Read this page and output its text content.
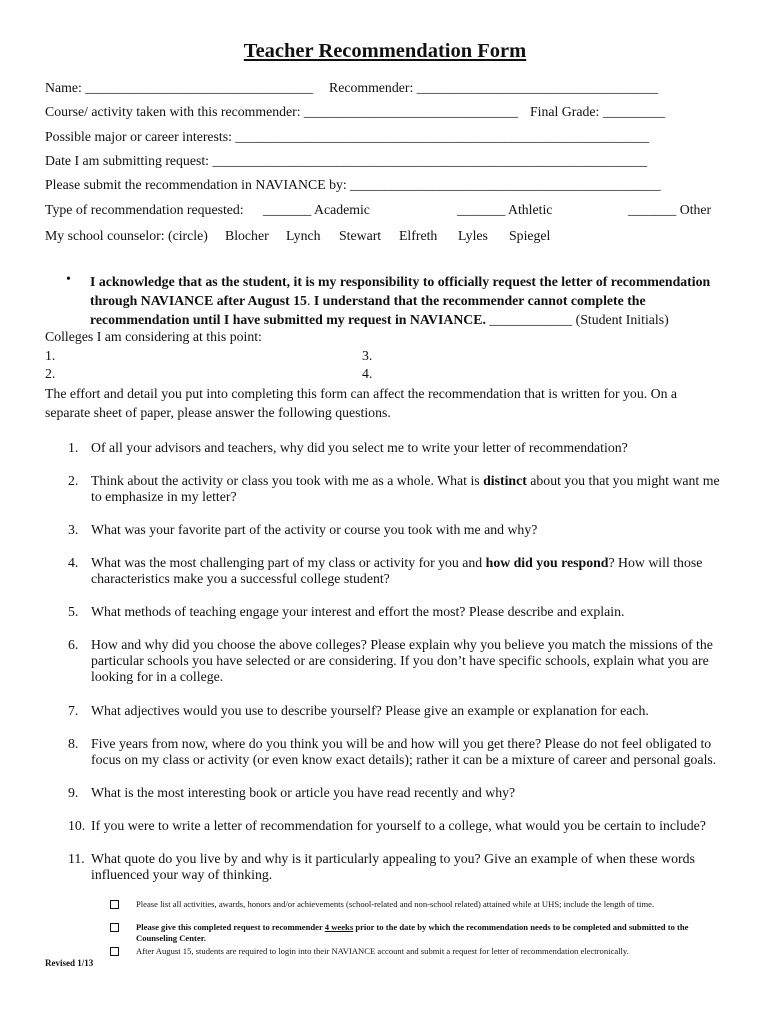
Teacher Recommendation Form
Name: _________________________________ Recommender: ___________________________________
Course/ activity taken with this recommender: _______________________________ Final Grade: _________
Possible major or career interests: ____________________________________________________________
Date I am submitting request: _______________________________________________________________
Please submit the recommendation in NAVIANCE by: _____________________________________________
Type of recommendation requested: _______ Academic	_______ Athletic	_______ Other
My school counselor: (circle) Blocher Lynch Stewart Elfreth Lyles Spiegel
• I acknowledge that as the student, it is my responsibility to officially request the letter of recommendation through NAVIANCE after August 15. I understand that the recommender cannot complete the recommendation until I have submitted my request in NAVIANCE. ____________ (Student Initials)
Colleges I am considering at this point:
1.	3.
2.	4.
The effort and detail you put into completing this form can affect the recommendation that is written for you. On a separate sheet of paper, please answer the following questions.
1. Of all your advisors and teachers, why did you select me to write your letter of recommendation?
2. Think about the activity or class you took with me as a whole. What is distinct about you that you might want me to emphasize in my letter?
3. What was your favorite part of the activity or course you took with me and why?
4. What was the most challenging part of my class or activity for you and how did you respond? How will those characteristics make you a successful college student?
5. What methods of teaching engage your interest and effort the most? Please describe and explain.
6. How and why did you choose the above colleges? Please explain why you believe you match the missions of the particular schools you have selected or are considering. If you don’t have specific schools, explain what you are looking for in a college.
7. What adjectives would you use to describe yourself? Please give an example or explanation for each.
8. Five years from now, where do you think you will be and how will you get there? Please do not feel obligated to focus on my class or activity (or even know exact details); rather it can be a mixture of career and personal goals.
9. What is the most interesting book or article you have read recently and why?
10. If you were to write a letter of recommendation for yourself to a college, what would you be certain to include?
11. What quote do you live by and why is it particularly appealing to you? Give an example of when these words influenced your way of thinking.
Please list all activities, awards, honors and/or achievements (school-related and non-school related) attained while at UHS; include the length of time.
Please give this completed request to recommender 4 weeks prior to the date by which the recommendation needs to be completed and submitted to the Counseling Center.
After August 15, students are required to login into their NAVIANCE account and submit a request for letter of recommendation electronically.
Revised 1/13
